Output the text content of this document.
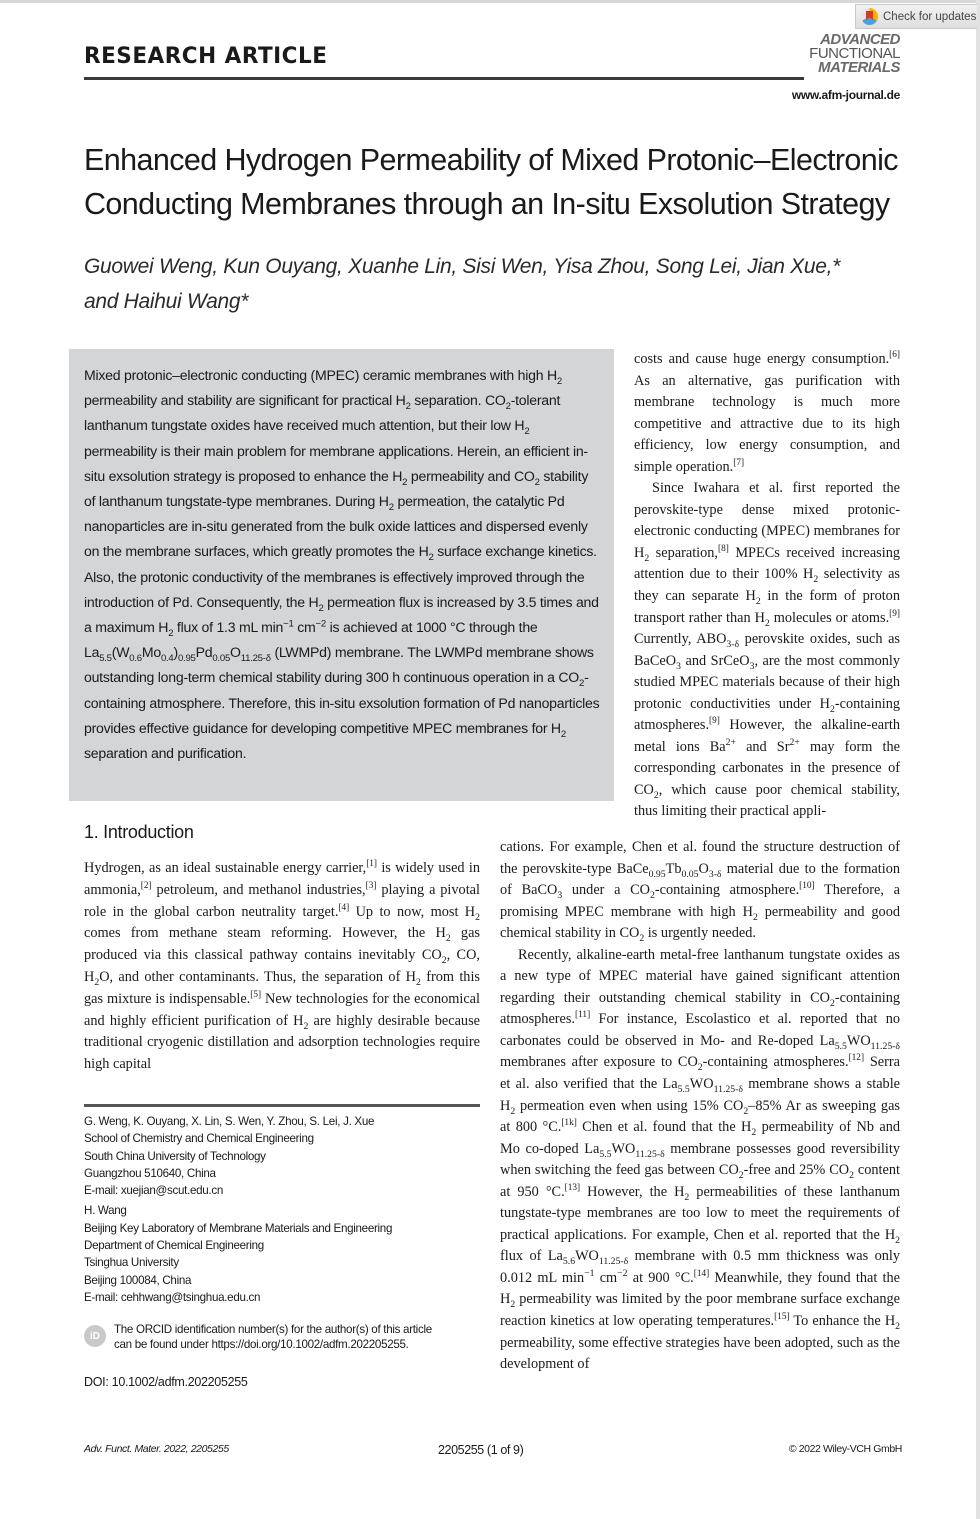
Check for updates
RESEARCH ARTICLE
ADVANCED
FUNCTIONAL
MATERIALS
www.afm-journal.de
Enhanced Hydrogen Permeability of Mixed Protonic–Electronic
Conducting Membranes through an In-situ Exsolution Strategy
Guowei Weng, Kun Ouyang, Xuanhe Lin, Sisi Wen, Yisa Zhou, Song Lei, Jian Xue,*
and Haihui Wang*

Mixed protonic–electronic conducting (MPEC) ceramic membranes with high $H_2$ permeability and stability are significant for practical $H_2$ separation. $CO_2$-tolerant lanthanum tungstate oxides have received much attention, but their low $H_2$ permeability is their main problem for membrane applications. Herein, an efficient in-situ exsolution strategy is proposed to enhance the $H_2$ permeability and $CO_2$ stability of lanthanum tungstate-type membranes. During $H_2$ permeation, the catalytic Pd nanoparticles are in-situ generated from the bulk oxide lattices and dispersed evenly on the membrane surfaces, which greatly promotes the $H_2$ surface exchange kinetics. Also, the protonic conductivity of the membranes is effectively improved through the introduction of Pd. Consequently, the $H_2$ permeation flux is increased by 3.5 times and a maximum $H_2$ flux of 1.3 mL $\min^{-1} cm^{-2}$ is achieved at 1000 °C through the $La_{5.5}(W_{0.6}Mo_{0.4})_{0.95}Pd_{0.05}O_{11.25-\delta}$ (LWMPd) membrane. The LWMPd membrane shows outstanding long-term chemical stability during 300 h continuous operation in a $CO_2$-containing atmosphere. Therefore, this in-situ exsolution formation of Pd nanoparticles provides effective guidance for developing competitive MPEC membranes for $H_2$ separation and purification.

costs and cause huge energy consumption.[6] As an alternative, gas purification with membrane technology is much more competitive and attractive due to its high efficiency, low energy consumption, and simple operation.[7]

Since Iwahara et al. first reported the perovskite-type dense mixed protonic-electronic conducting (MPEC) membranes for $H_2$ separation,[8] MPECs received increasing attention due to their 100% $H_2$ selectivity as they can separate $H_2$ in the form of proton transport rather than $H_2$ molecules or atoms.[9] Currently, $ABO_{3-\delta}$ perovskite oxides, such as BaCeO$_3$ and SrCeO$_3$, are the most commonly studied MPEC materials because of their high protonic conductivities under $H_2$-containing atmospheres.[9] However, the alkaline-earth metal ions $Ba^{2+}$ and $Sr^{2+}$ may form the corresponding carbonates in the presence of $CO_2$, which cause poor chemical stability, thus limiting their practical appli-

1. Introduction

Hydrogen, as an ideal sustainable energy carrier,[1] is widely used in ammonia,[2] petroleum, and methanol industries,[3] playing a pivotal role in the global carbon neutrality target.[4] Up to now, most $H_2$ comes from methane steam reforming. However, the $H_2$ gas produced via this classical pathway contains inevitably $CO_2$, CO, $H_2O$, and other contaminants. Thus, the separation of $H_2$ from this gas mixture is indispensable.[5] New technologies for the economical and highly efficient purification of $H_2$ are highly desirable because traditional cryogenic distillation and adsorption technologies require high capital

cations. For example, Chen et al. found the structure destruction of the perovskite-type $BaCe_{0.95}Tb_{0.05}O_{3-\delta}$ material due to the formation of BaCO$_3$ under a $CO_2$-containing atmosphere.[10] Therefore, a promising MPEC membrane with high $H_2$ permeability and good chemical stability in $CO_2$ is urgently needed.

Recently, alkaline-earth metal-free lanthanum tungstate oxides as a new type of MPEC material have gained significant attention regarding their outstanding chemical stability in $CO_2$-containing atmospheres.[11] For instance, Escolastico et al. reported that no carbonates could be observed in Mo- and Re-doped $La_{5.5}WO_{11.25-\delta}$ membranes after exposure to $CO_2$-containing atmospheres.[12] Serra et al. also verified that the $La_{5.5}WO_{11.25-\delta}$ membrane shows a stable $H_2$ permeation even when using 15% $CO_2-85\%$ Ar as sweeping gas at 800 °C.[1k] Chen et al. found that the $H_2$ permeability of Nb and Mo co-doped $La_{5.5}WO_{11.25-\delta}$ membrane possesses good reversibility when switching the feed gas between $CO_2$-free and 25% $CO_2$ content at 950 °C.[13] However, the $H_2$ permeabilities of these lanthanum tungstate-type membranes are too low to meet the requirements of practical applications. For example, Chen et al. reported that the $H_2$ flux of $La_{5.6}WO_{11.25-\delta}$ membrane with 0.5 mm thickness was only 0.012 mL $\min^{-1} cm^{-2}$ at 900 °C.[14] Meanwhile, they found that the $H_2$ permeability was limited by the poor membrane surface exchange reaction kinetics at low operating temperatures.[15] To enhance the $H_2$ permeability, some effective strategies have been adopted, such as the development of

G. Weng, K. Ouyang, X. Lin, S. Wen, Y. Zhou, S. Lei, J. Xue
School of Chemistry and Chemical Engineering
South China University of Technology
Guangzhou 510640, China
E-mail: xuejian@scut.edu.cn
H. Wang
Beijing Key Laboratory of Membrane Materials and Engineering
Department of Chemical Engineering
Tsinghua University
Beijing 100084, China
E-mail: cehhwang@tsinghua.edu.cn
iD	The ORCID identification number(s) for the author(s) of this article
can be found under https://doi.org/10.1002/adfm.202205255.
DOI: 10.1002/adfm.202205255
Adv. Funct. Mater. 2022, 2205255	2205255 (1 of 9)	© 2022 Wiley-VCH GmbH
